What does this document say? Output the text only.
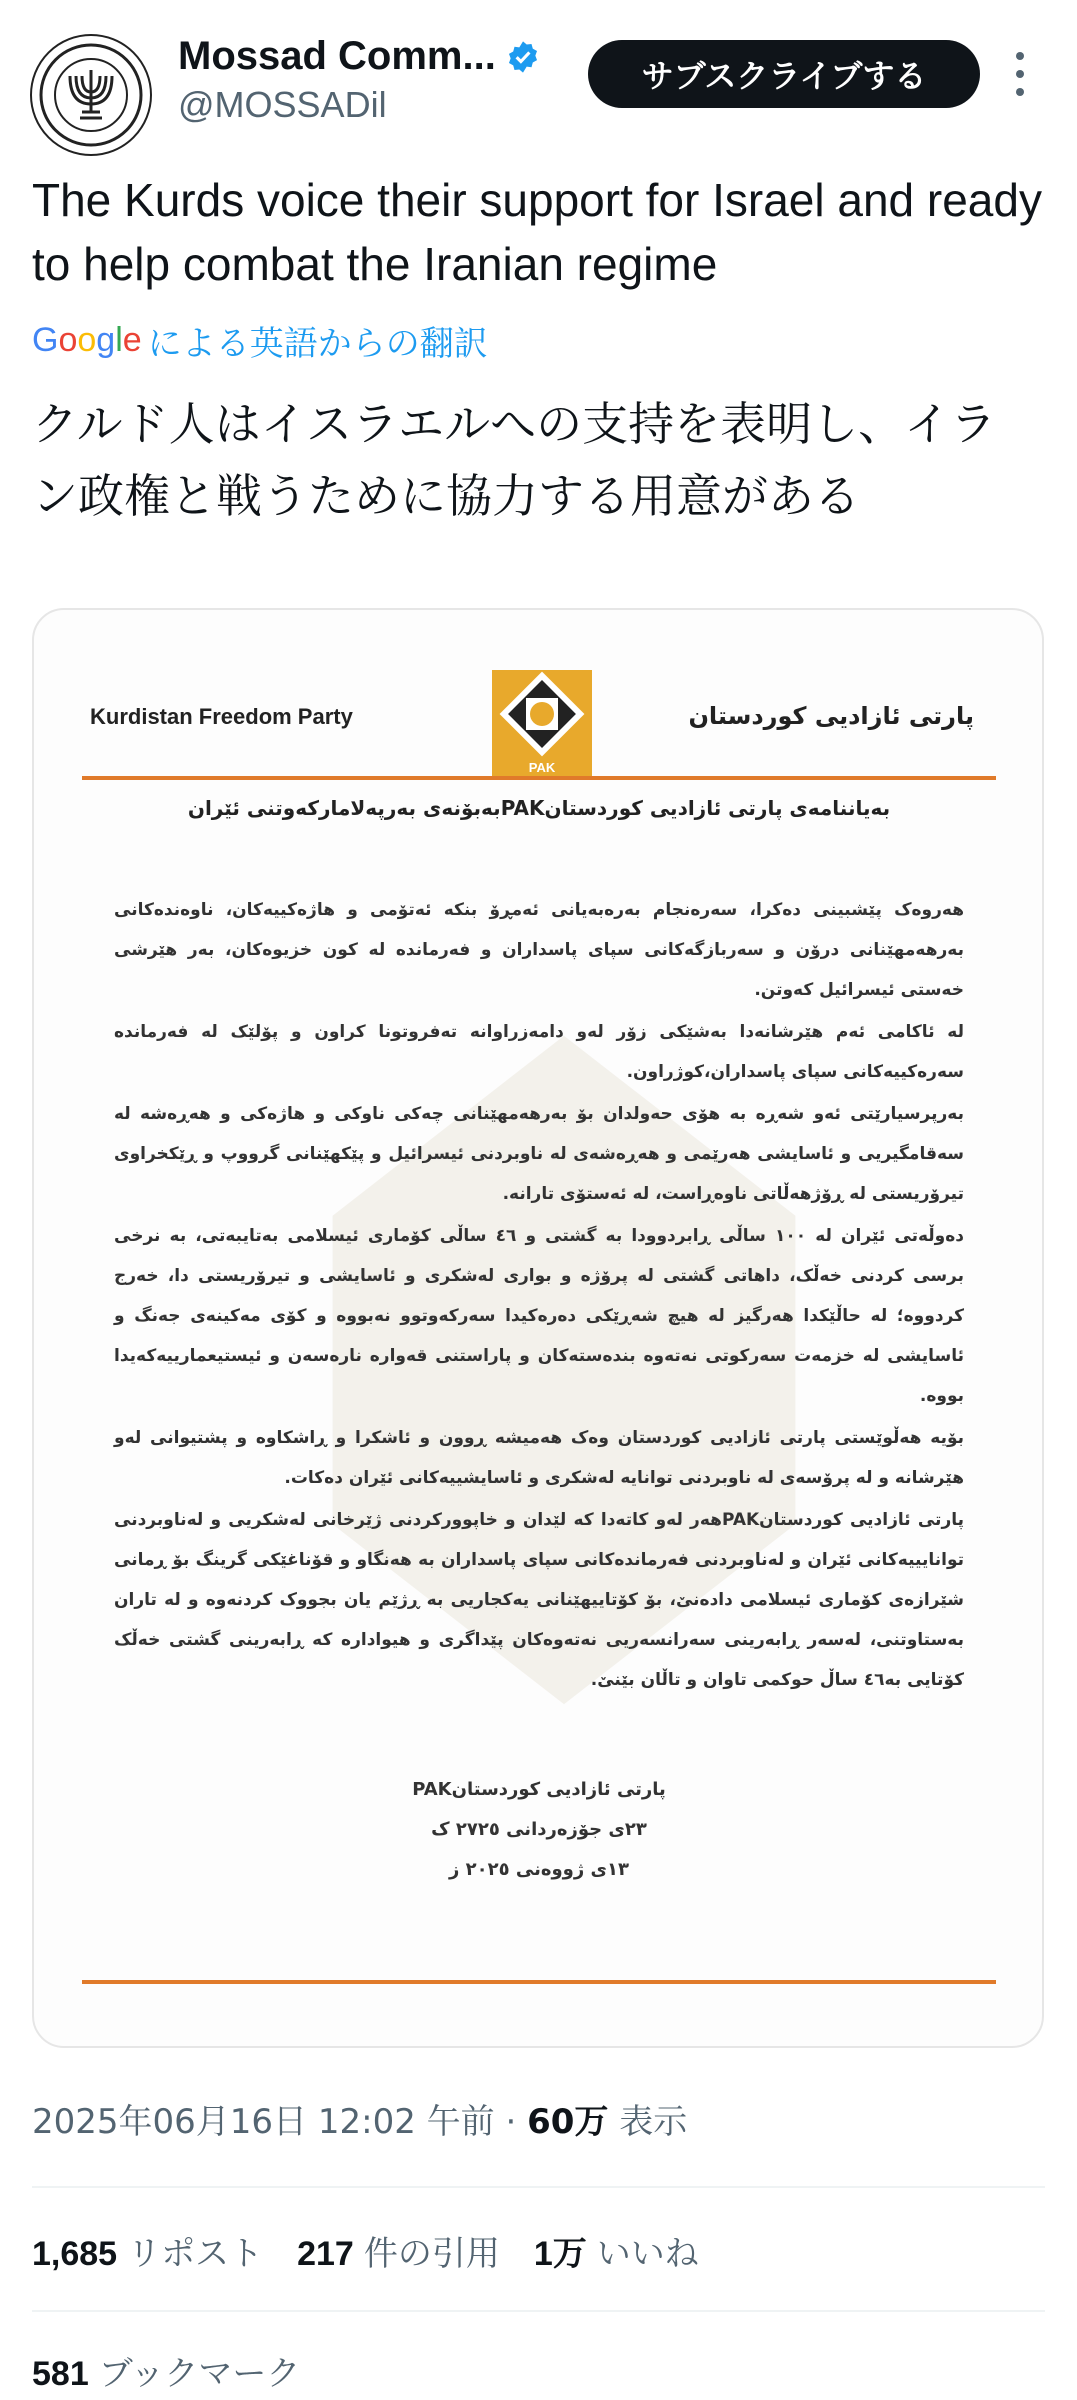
Mossad Comm...
@MOSSADil
サブスクライブする
The Kurds voice their support for Israel and ready to help combat the Iranian regime
Google による英語からの翻訳
クルド人はイスラエルへの支持を表明し、イラン政権と戦うために協力する用意がある
Kurdistan Freedom Party
PAK
پارتی ئازادیی کوردستان
بەیاننامەی پارتی ئازادیی کوردستانPAKبەبۆنەی بەرپەلامارکەوتنی ئێران

هەروەک پێشبینی دەکرا، سەرەنجام بەرەبەیانی ئەمڕۆ بنکە ئەتۆمی و هاژەکییەکان، ناوەندەکانی بەرهەمهێنانی درۆن و سەربازگەکانی سپای پاسداران و فەرماندە لە کون خزیوەکان، بەر هێرشی خەستی ئیسرائیل کەوتن.

لە ئاکامی ئەم هێرشانەدا بەشێکی زۆر لەو دامەزراوانە تەفروتونا کراون و پۆلێک لە فەرماندە سەرەکییەکانی سپای پاسداران،کوژراون.

بەرپرسیارێتی ئەو شەڕە بە هۆی حەولدان بۆ بەرهەمهێنانی چەکی ناوکی و هاژەکی و هەڕەشە لە سەقامگیریی و ئاسایشی هەرێمی و هەڕەشەی لە ناوبردنی ئیسرائیل و پێکهێنانی گرووپ و ڕێکخراوی تیرۆریستی لە ڕۆژهەڵاتی ناوەڕاست، لە ئەستۆی تارانە.

دەوڵەتی ئێران لە ١٠٠ ساڵی ڕابردوودا بە گشتی و ٤٦ ساڵی کۆماری ئیسلامی بەتایبەتی، بە نرخی برسی کردنی خەڵک، داهاتی گشتی لە پرۆژە و بواری لەشکری و ئاسایشی و تیرۆریستی دا، خەرج کردووە؛ لە حاڵێکدا هەرگیز لە هیچ شەڕێکی دەرەکیدا سەرکەوتوو نەبووە و کۆی مەکینەی جەنگ و ئاسایشی لە خزمەت سەرکوتی نەتەوە بندەستەکان و پاراستنی قەوارە نارەسەن و ئیستیعمارییەکەیدا بووە.

بۆیە هەڵوێستی پارتی ئازادیی کوردستان وەک هەمیشە ڕوون و ئاشکرا و ڕاشکاوە و پشتیوانی لەو هێرشانە و لە پرۆسەی لە ناوبردنی توانایە لەشکری و ئاسایشییەکانی ئێران دەکات.

پارتی ئازادیی کوردستانPAKهەر لەو کاتەدا کە لێدان و خاپوورکردنی ژێرخانی لەشکریی و لەناوبردنی توانایییەکانی ئێران و لەناوبردنی فەرماندەکانی سپای پاسداران بە هەنگاو و قۆناغێکی گرینگ بۆ ڕمانی شێرازەی کۆماری ئیسلامی دادەنێ، بۆ کۆتاییهێنانی یەکجاریی بە ڕژێم یان بجووک کردنەوە و لە تاران بەستاوتنی، لەسەر ڕابەرینی سەرانسەریی نەتەوەکان پێداگری و هیوادارە کە ڕابەرینی گشتی خەڵک کۆتایی بە٤٦ ساڵ حوکمی تاوان و تاڵان بێنێ.

پارتی ئازادیی کوردستانPAK
٢٣ی جۆزەردانی ٢٧٢٥ ک
١٣ی ژووەنی ٢٠٢٥ ز
2025年06月16日 12:02 午前 · 60万 表示
1,685 リポスト 217 件の引用 1万 いいね
581 ブックマーク
